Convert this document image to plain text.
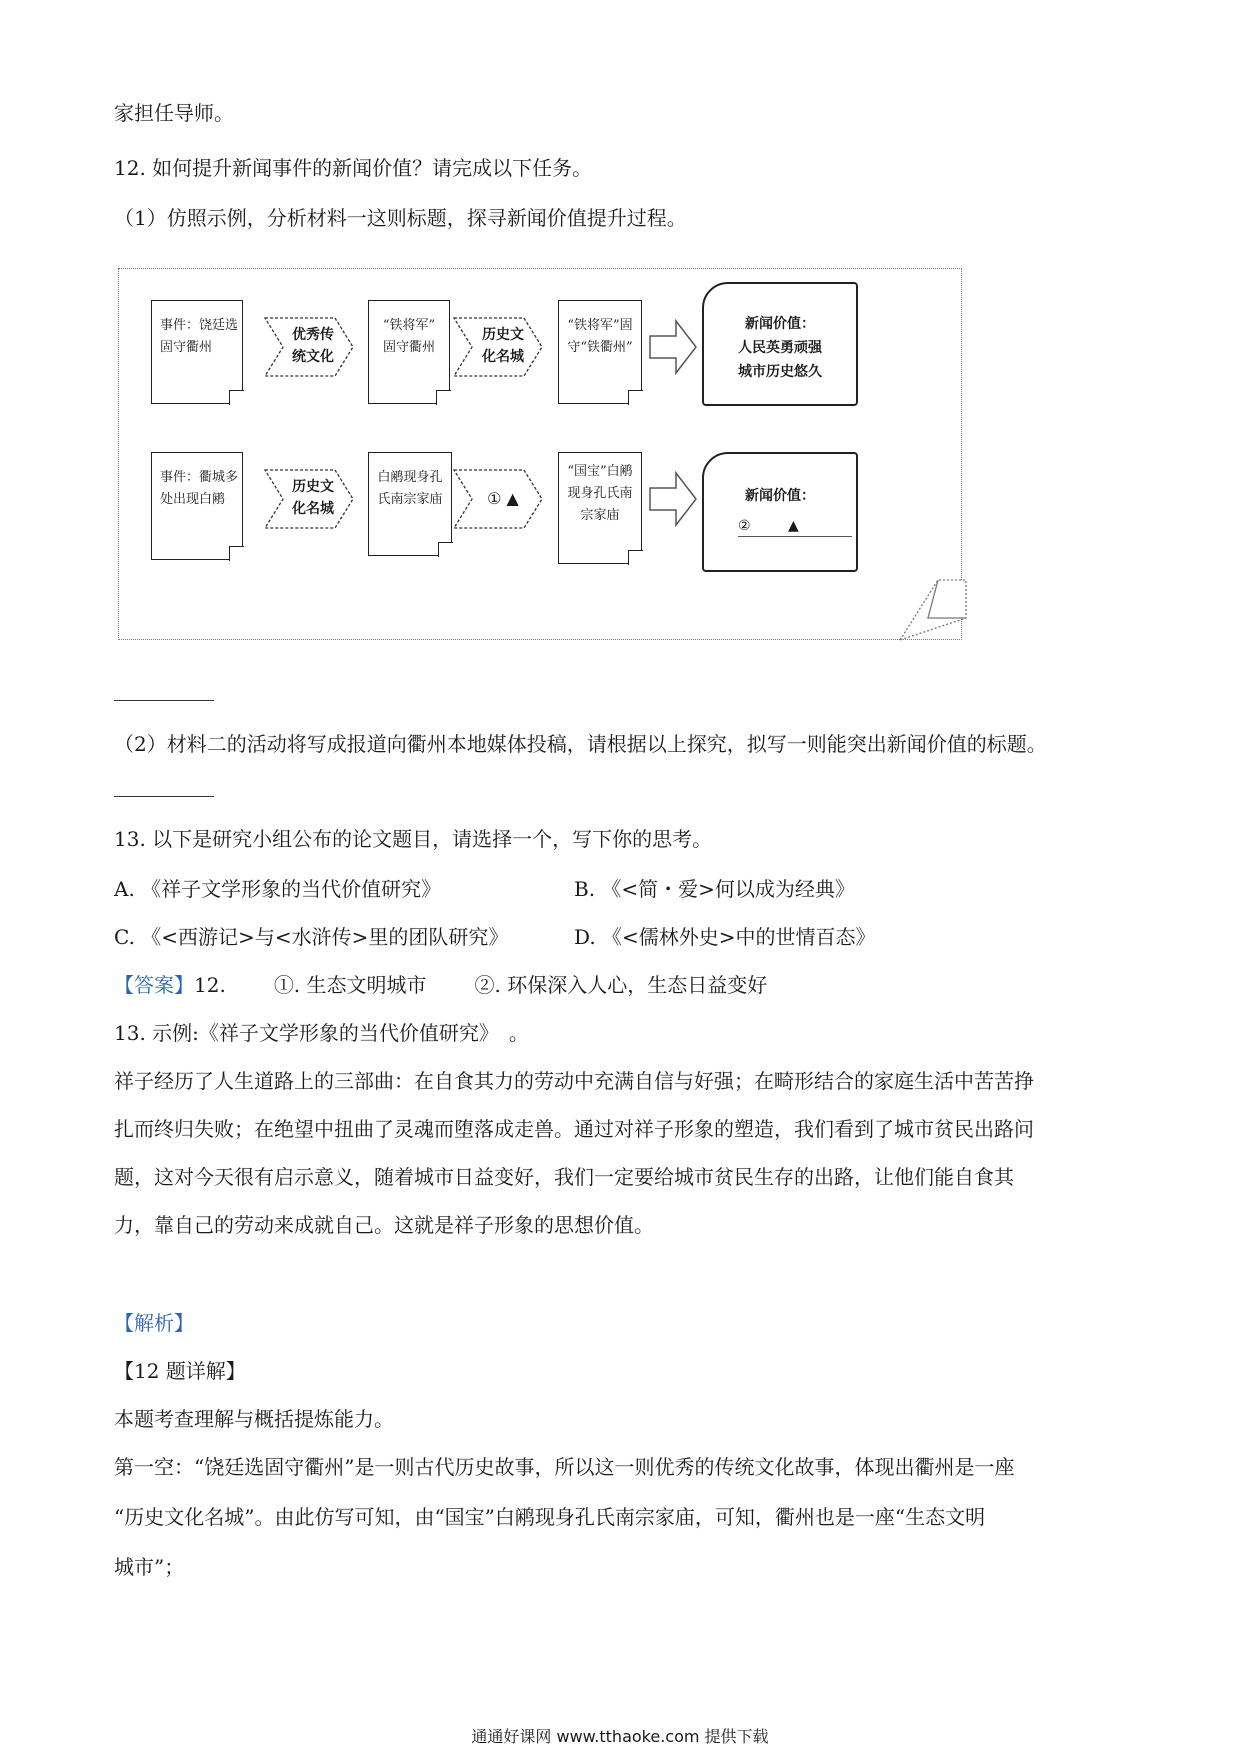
家担任导师。
12. 如何提升新闻事件的新闻价值？请完成以下任务。
（1）仿照示例，分析材料一这则标题，探寻新闻价值提升过程。
事件：饶廷选
固守衢州
优秀传
统文化
“铁将军”
固守衢州
历史文
化名城
“铁将军”固
守“铁衢州”
新闻价值：
人民英勇顽强
城市历史悠久
事件：衢城多
处出现白鹇
历史文
化名城
白鹇现身孔
氏南宗家庙	① ▲
“国宝”白鹇
现身孔氏南
宗家庙
新闻价值：
②	▲
（2）材料二的活动将写成报道向衢州本地媒体投稿，请根据以上探究，拟写一则能突出新闻价值的标题。
13. 以下是研究小组公布的论文题目，请选择一个，写下你的思考。
A. 《祥子文学形象的当代价值研究》	B. 《<简・爱>何以成为经典》
C. 《<西游记>与<水浒传>里的团队研究》	D. 《<儒林外史>中的世情百态》
【答案】12. ①. 生态文明城市 ②. 环保深入人心，生态日益变好
13. 示例:《祥子文学形象的当代价值研究》　。
祥子经历了人生道路上的三部曲：在自食其力的劳动中充满自信与好强；在畸形结合的家庭生活中苦苦挣
扎而终归失败；在绝望中扭曲了灵魂而堕落成走兽。通过对祥子形象的塑造，我们看到了城市贫民出路问
题，这对今天很有启示意义，随着城市日益变好，我们一定要给城市贫民生存的出路，让他们能自食其
力，靠自己的劳动来成就自己。这就是祥子形象的思想价值。
【解析】
【12 题详解】
本题考查理解与概括提炼能力。
第一空：“饶廷选固守衢州”是一则古代历史故事，所以这一则优秀的传统文化故事，体现出衢州是一座
“历史文化名城”。由此仿写可知，由“国宝”白鹇现身孔氏南宗家庙，可知，衢州也是一座“生态文明
城市”；
通通好课网 www.tthaoke.com 提供下载
